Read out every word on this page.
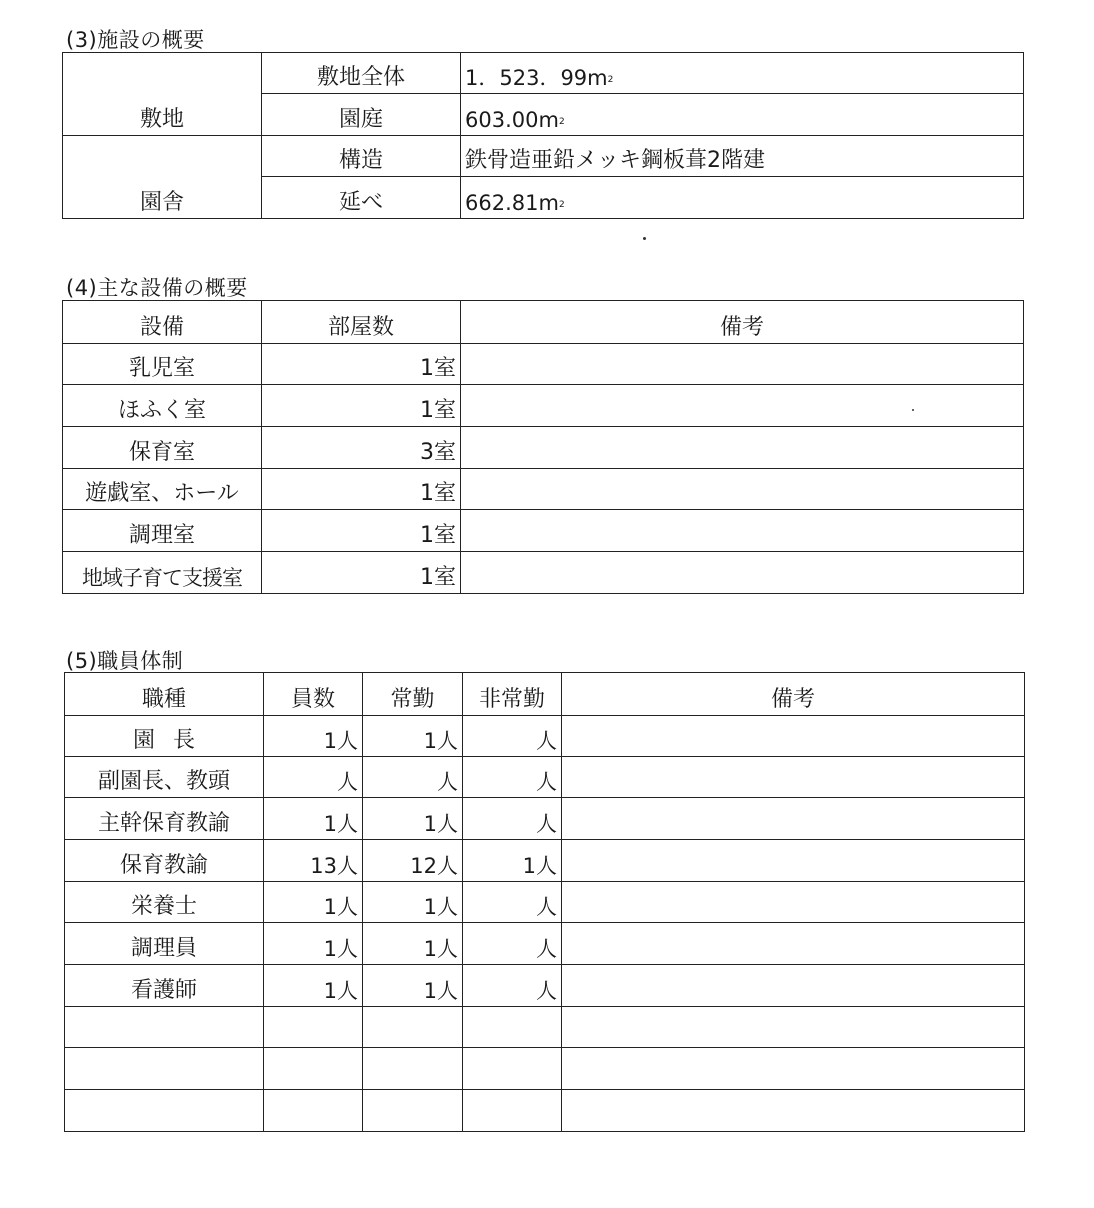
(3)施設の概要
敷地	敷地全体	1．523．$99m^2$
	園庭	$603.00m^2$
園舎	構造	鉄骨造亜鉛メッキ鋼板葺2階建
	延べ	$662.81m^2$
(4)主な設備の概要
設備	部屋数	備考
乳児室	1室	
ほふく室	1室	
保育室	3室	
遊戯室、ホール	1室	
調理室	1室	
地域子育て支援室	1室	
(5)職員体制
職種	員数	常勤	非常勤	備考
園長	1人	1人	人	
副園長、教頭	人	人	人	
主幹保育教諭	1人	1人	人	
保育教諭	13人	12人	1人	
栄養士	1人	1人	人	
調理員	1人	1人	人	
看護師	1人	1人	人	
